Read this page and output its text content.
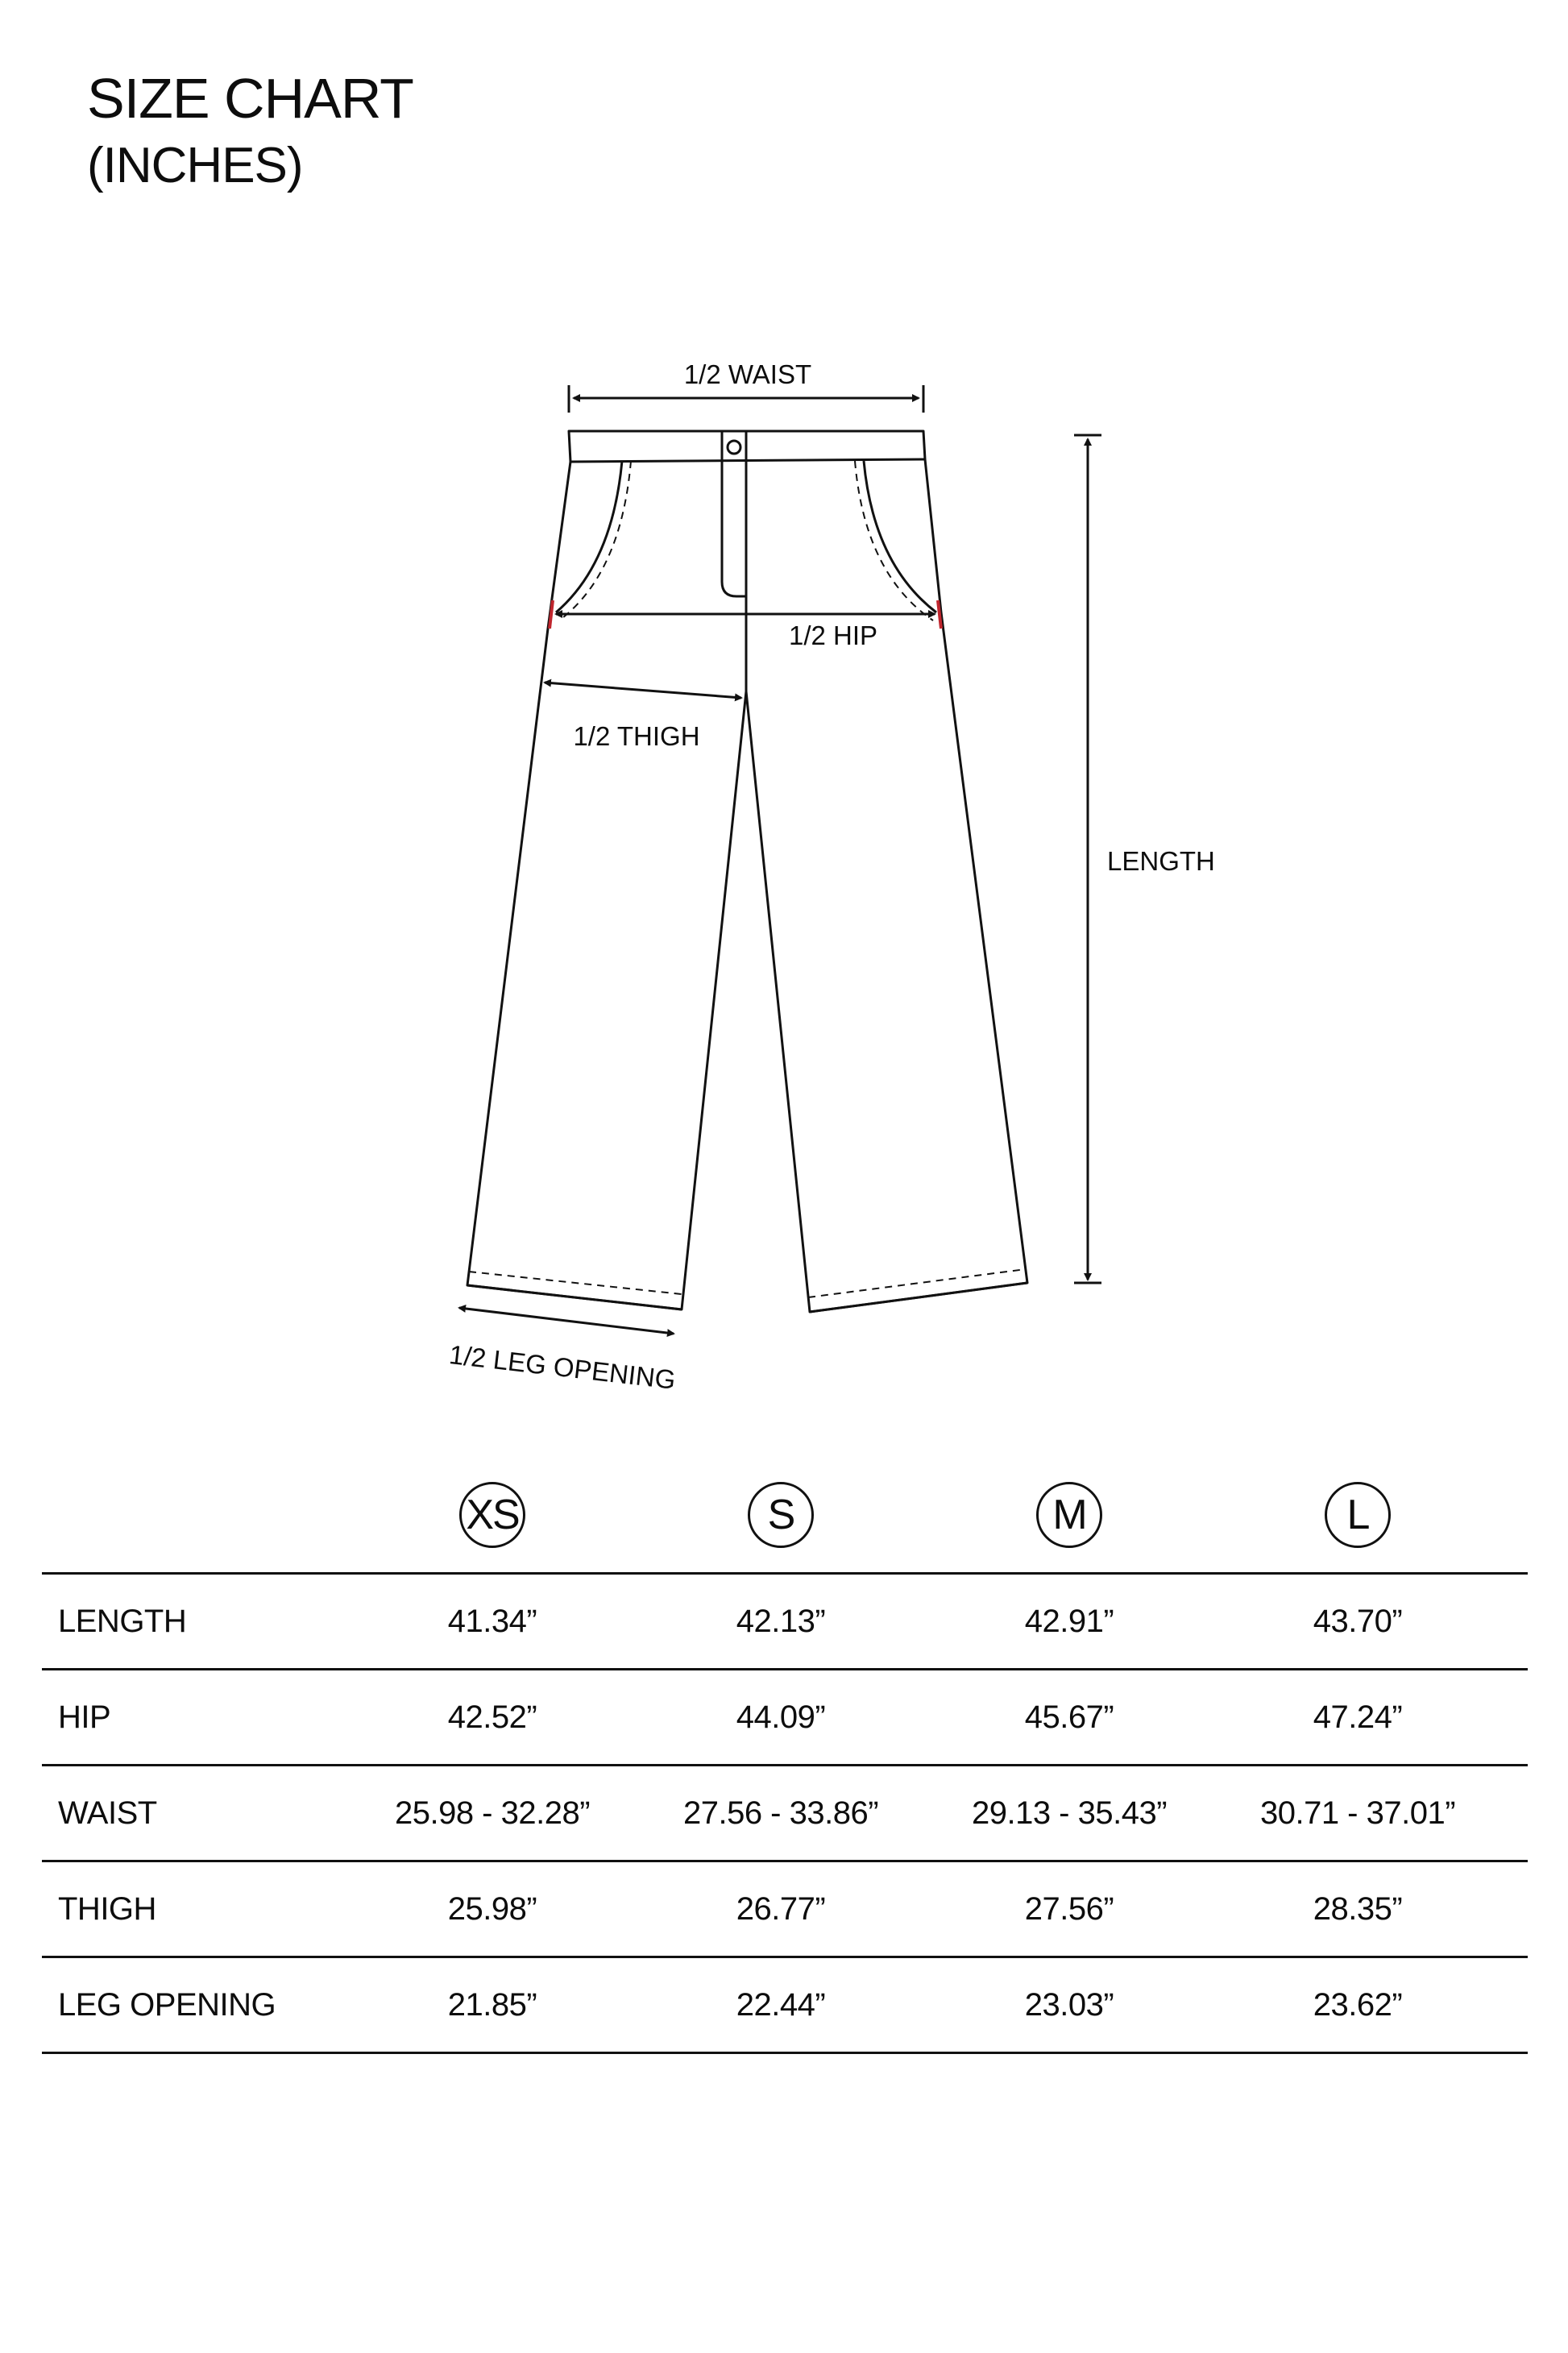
SIZE CHART
(INCHES)
1/2 WAIST
1/2 HIP
1/2 THIGH
LENGTH
1/2 LEG OPENING
XS	S	M	L
LENGTH	41.34”	42.13”	42.91”	43.70”
HIP	42.52”	44.09”	45.67”	47.24”
WAIST	25.98 - 32.28”	27.56 - 33.86”	29.13 - 35.43”	30.71 - 37.01”
THIGH	25.98”	26.77”	27.56”	28.35”
LEG OPENING	21.85”	22.44”	23.03”	23.62”
